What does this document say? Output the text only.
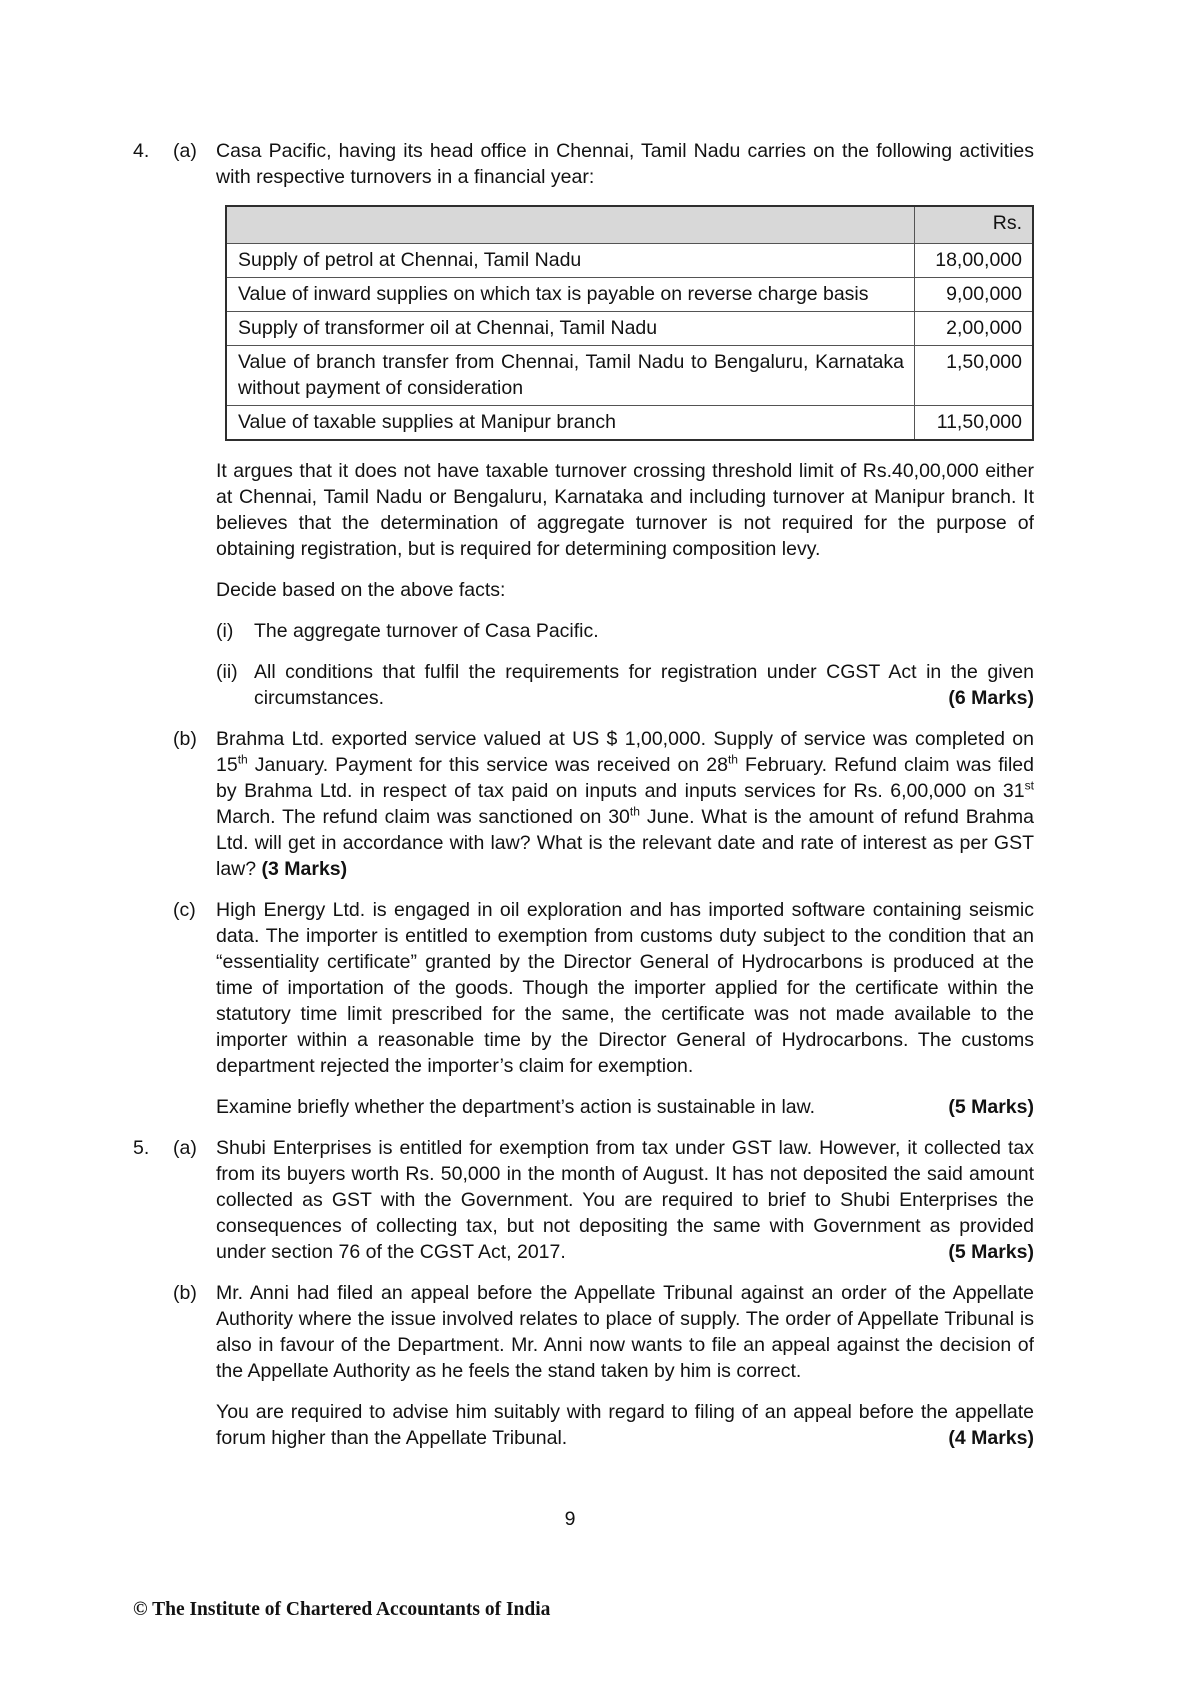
4.	(a) Casa Pacific, having its head office in Chennai, Tamil Nadu carries on the following activities with respective turnovers in a financial year:

	Rs.
Supply of petrol at Chennai, Tamil Nadu	18,00,000
Value of inward supplies on which tax is payable on reverse charge basis	9,00,000
Supply of transformer oil at Chennai, Tamil Nadu	2,00,000
Value of branch transfer from Chennai, Tamil Nadu to Bengaluru, Karnataka without payment of consideration	1,50,000
Value of taxable supplies at Manipur branch	11,50,000

It argues that it does not have taxable turnover crossing threshold limit of Rs.40,00,000 either at Chennai, Tamil Nadu or Bengaluru, Karnataka and including turnover at Manipur branch. It believes that the determination of aggregate turnover is not required for the purpose of obtaining registration, but is required for determining composition levy.

Decide based on the above facts:

(i)	The aggregate turnover of Casa Pacific.

(ii) All conditions that fulfil the requirements for registration under CGST Act in the given circumstances.	(6 Marks)

(b) Brahma Ltd. exported service valued at US $ 1,00,000. Supply of service was completed on 15th January. Payment for this service was received on 28th February. Refund claim was filed by Brahma Ltd. in respect of tax paid on inputs and inputs services for Rs. 6,00,000 on 31st March. The refund claim was sanctioned on 30th June. What is the amount of refund Brahma Ltd. will get in accordance with law? What is the relevant date and rate of interest as per GST law? (3 Marks)

(c)	High Energy Ltd. is engaged in oil exploration and has imported software containing seismic data. The importer is entitled to exemption from customs duty subject to the condition that an “essentiality certificate” granted by the Director General of Hydrocarbons is produced at the time of importation of the goods. Though the importer applied for the certificate within the statutory time limit prescribed for the same, the certificate was not made available to the importer within a reasonable time by the Director General of Hydrocarbons. The customs department rejected the importer’s claim for exemption.

Examine briefly whether the department’s action is sustainable in law.	(5 Marks)

5.	(a) Shubi Enterprises is entitled for exemption from tax under GST law. However, it collected tax from its buyers worth Rs. 50,000 in the month of August. It has not deposited the said amount collected as GST with the Government. You are required to brief to Shubi Enterprises the consequences of collecting tax, but not depositing the same with Government as provided under section 76 of the CGST Act, 2017.	(5 Marks)

(b) Mr. Anni had filed an appeal before the Appellate Tribunal against an order of the Appellate Authority where the issue involved relates to place of supply. The order of Appellate Tribunal is also in favour of the Department. Mr. Anni now wants to file an appeal against the decision of the Appellate Authority as he feels the stand taken by him is correct.

You are required to advise him suitably with regard to filing of an appeal before the appellate forum higher than the Appellate Tribunal.	(4 Marks)

9
© The Institute of Chartered Accountants of India
